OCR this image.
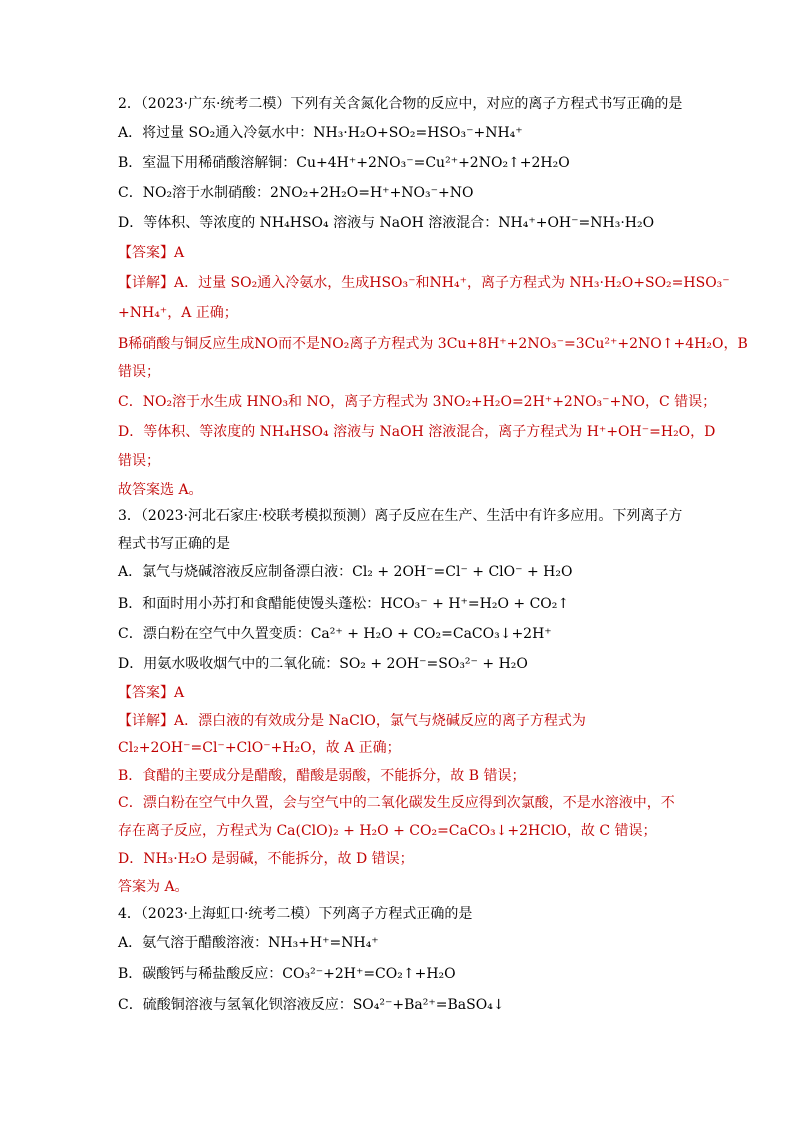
2．（2023·广东·统考二模）下列有关含氮化合物的反应中，对应的离子方程式书写正确的是
A．将过量 SO₂通入冷氨水中：NH₃·H₂O+SO₂=HSO₃⁻+NH₄⁺
B．室温下用稀硝酸溶解铜：Cu+4H⁺+2NO₃⁻=Cu²⁺+2NO₂↑+2H₂O
C．NO₂溶于水制硝酸：2NO₂+2H₂O=H⁺+NO₃⁻+NO
D．等体积、等浓度的 NH₄HSO₄ 溶液与 NaOH 溶液混合：NH₄⁺+OH⁻=NH₃·H₂O
【答案】A
【详解】A．过量 SO₂通入冷氨水，生成HSO₃⁻和NH₄⁺，离子方程式为 NH₃·H₂O+SO₂=HSO₃⁻
+NH₄⁺，A 正确；
B稀硝酸与铜反应生成NO而不是NO₂离子方程式为 3Cu+8H⁺+2NO₃⁻=3Cu²⁺+2NO↑+4H₂O，B
错误；
C．NO₂溶于水生成 HNO₃和 NO，离子方程式为 3NO₂+H₂O=2H⁺+2NO₃⁻+NO，C 错误；
D．等体积、等浓度的 NH₄HSO₄ 溶液与 NaOH 溶液混合，离子方程式为 H⁺+OH⁻=H₂O，D
错误；
故答案选 A。
3．（2023·河北石家庄·校联考模拟预测）离子反应在生产、生活中有许多应用。下列离子方
程式书写正确的是
A．氯气与烧碱溶液反应制备漂白液：Cl₂ + 2OH⁻=Cl⁻ + ClO⁻ + H₂O
B．和面时用小苏打和食醋能使馒头蓬松：HCO₃⁻ + H⁺=H₂O + CO₂↑
C．漂白粉在空气中久置变质：Ca²⁺ + H₂O + CO₂=CaCO₃↓+2H⁺
D．用氨水吸收烟气中的二氧化硫：SO₂ + 2OH⁻=SO₃²⁻ + H₂O
【答案】A
【详解】A．漂白液的有效成分是 NaClO，氯气与烧碱反应的离子方程式为
Cl₂+2OH⁻=Cl⁻+ClO⁻+H₂O，故 A 正确；
B．食醋的主要成分是醋酸，醋酸是弱酸，不能拆分，故 B 错误；
C．漂白粉在空气中久置，会与空气中的二氧化碳发生反应得到次氯酸，不是水溶液中，不
存在离子反应，方程式为 Ca(ClO)₂ + H₂O + CO₂=CaCO₃↓+2HClO，故 C 错误；
D．NH₃·H₂O 是弱碱，不能拆分，故 D 错误；
答案为 A。
4．（2023·上海虹口·统考二模）下列离子方程式正确的是
A．氨气溶于醋酸溶液：NH₃+H⁺=NH₄⁺
B．碳酸钙与稀盐酸反应：CO₃²⁻+2H⁺=CO₂↑+H₂O
C．硫酸铜溶液与氢氧化钡溶液反应：SO₄²⁻+Ba²⁺=BaSO₄↓
